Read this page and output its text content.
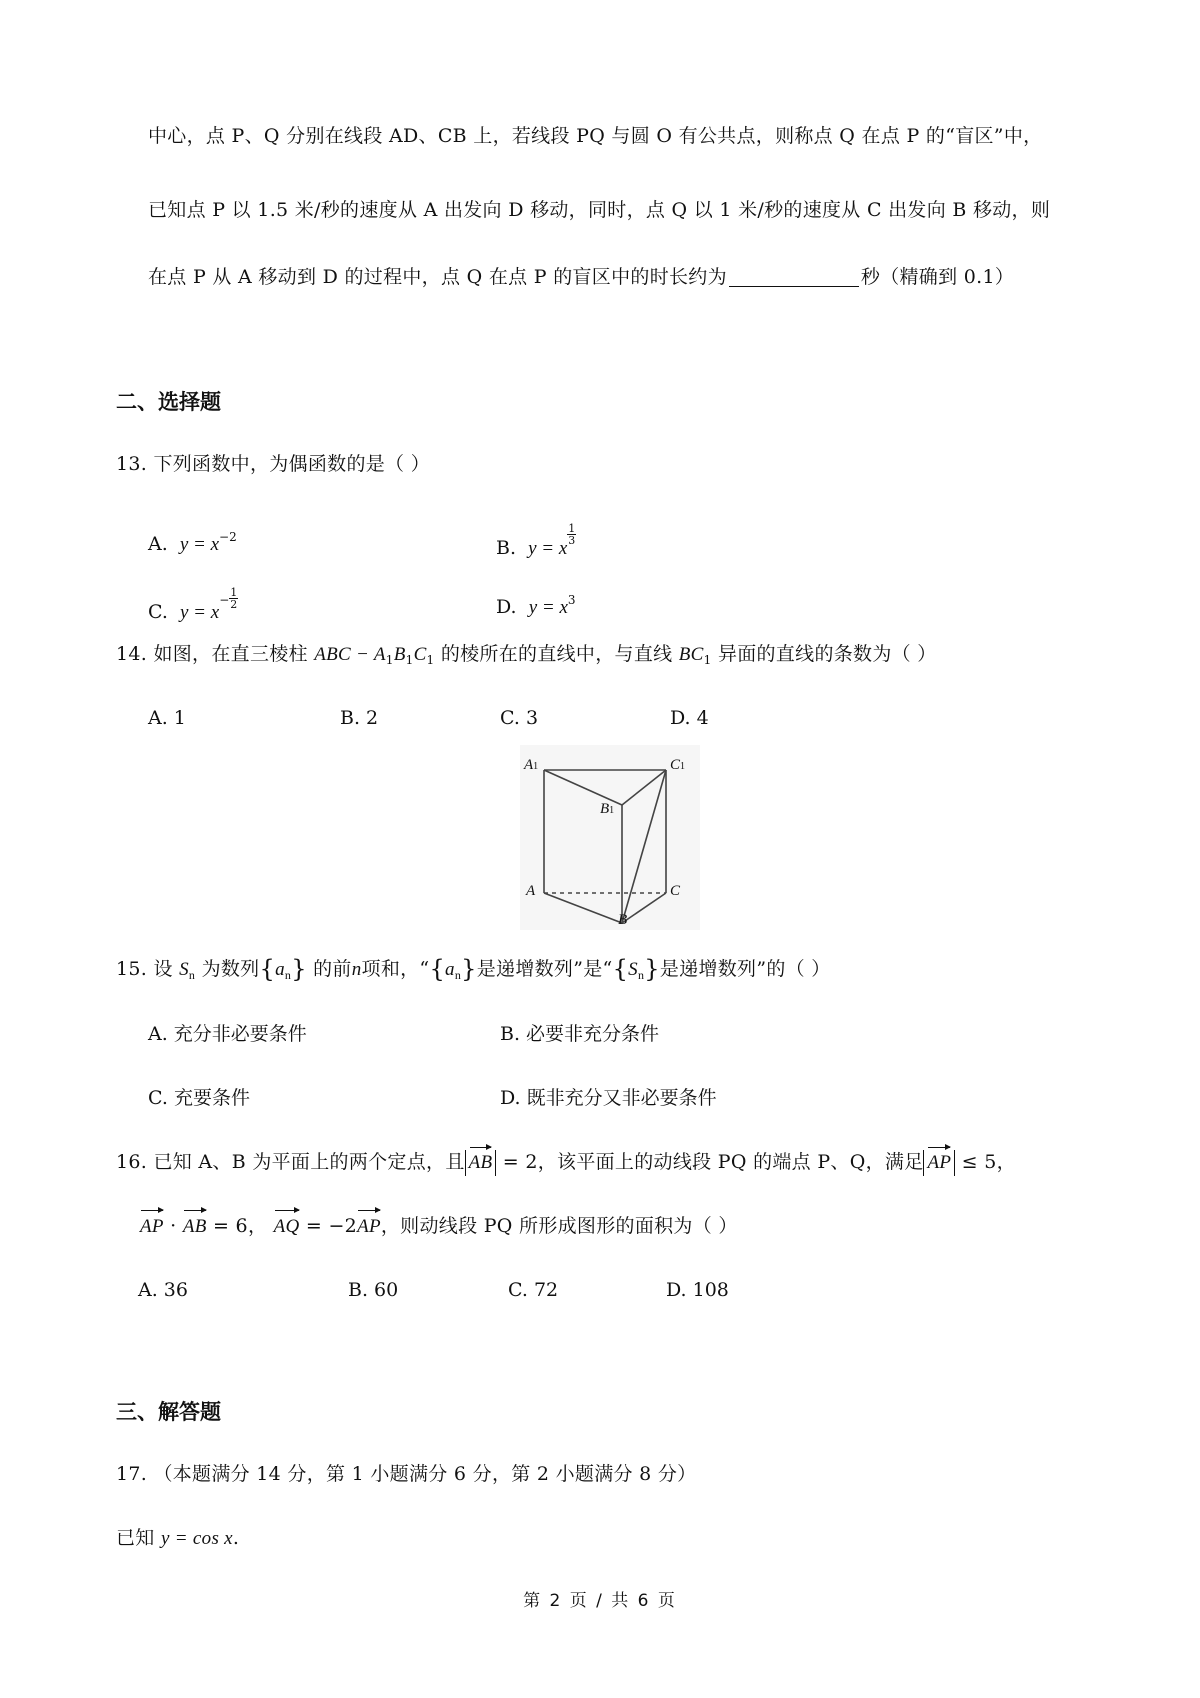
中心，点 P、Q 分别在线段 AD、CB 上，若线段 PQ 与圆 O 有公共点，则称点 Q 在点 P 的“盲区”中，
已知点 P 以 1.5 米/秒的速度从 A 出发向 D 移动，同时，点 Q 以 1 米/秒的速度从 C 出发向 B 移动，则
在点 P 从 A 移动到 D 的过程中，点 Q 在点 P 的盲区中的时长约为	秒（精确到 0.1）
二、选择题
13. 下列函数中，为偶函数的是（ ）
A. $y = x^{-2}$	B. y = x
$\frac{1}{3}$
C. $y = x^- \frac{1}{2}$	D. $y = x^3$
14. 如图，在直三棱柱 ABC − $A_1B_1C_1$ 的棱所在的直线中，与直线 $BC_1$ 异面的直线的条数为（ ）
A. 1	B. 2	C. 3	D. 4
A1
B1
C1
A	C
B
15. 设 $S_n$ 为数列$\{a_n\}$ 的前n项和，“$\{a_n\}$是递增数列”是“$\{S_n\}$是递增数列”的（ ）
A. 充分非必要条件	B. 必要非充分条件
C. 充要条件	D. 既非充分又非必要条件
16. 已知 A、B 为平面上的两个定点，且 AB = 2，该平面上的动线段 PQ 的端点 P、Q，满足 AP ≤ 5，
AP · AB = 6， AQ = −2AP，则动线段 PQ 所形成图形的面积为（ ）
A. 36	B. 60	C. 72	D. 108
三、解答题
17. （本题满分 14 分，第 1 小题满分 6 分，第 2 小题满分 8 分）
已知 y = cos x.
第 2 页 / 共 6 页
